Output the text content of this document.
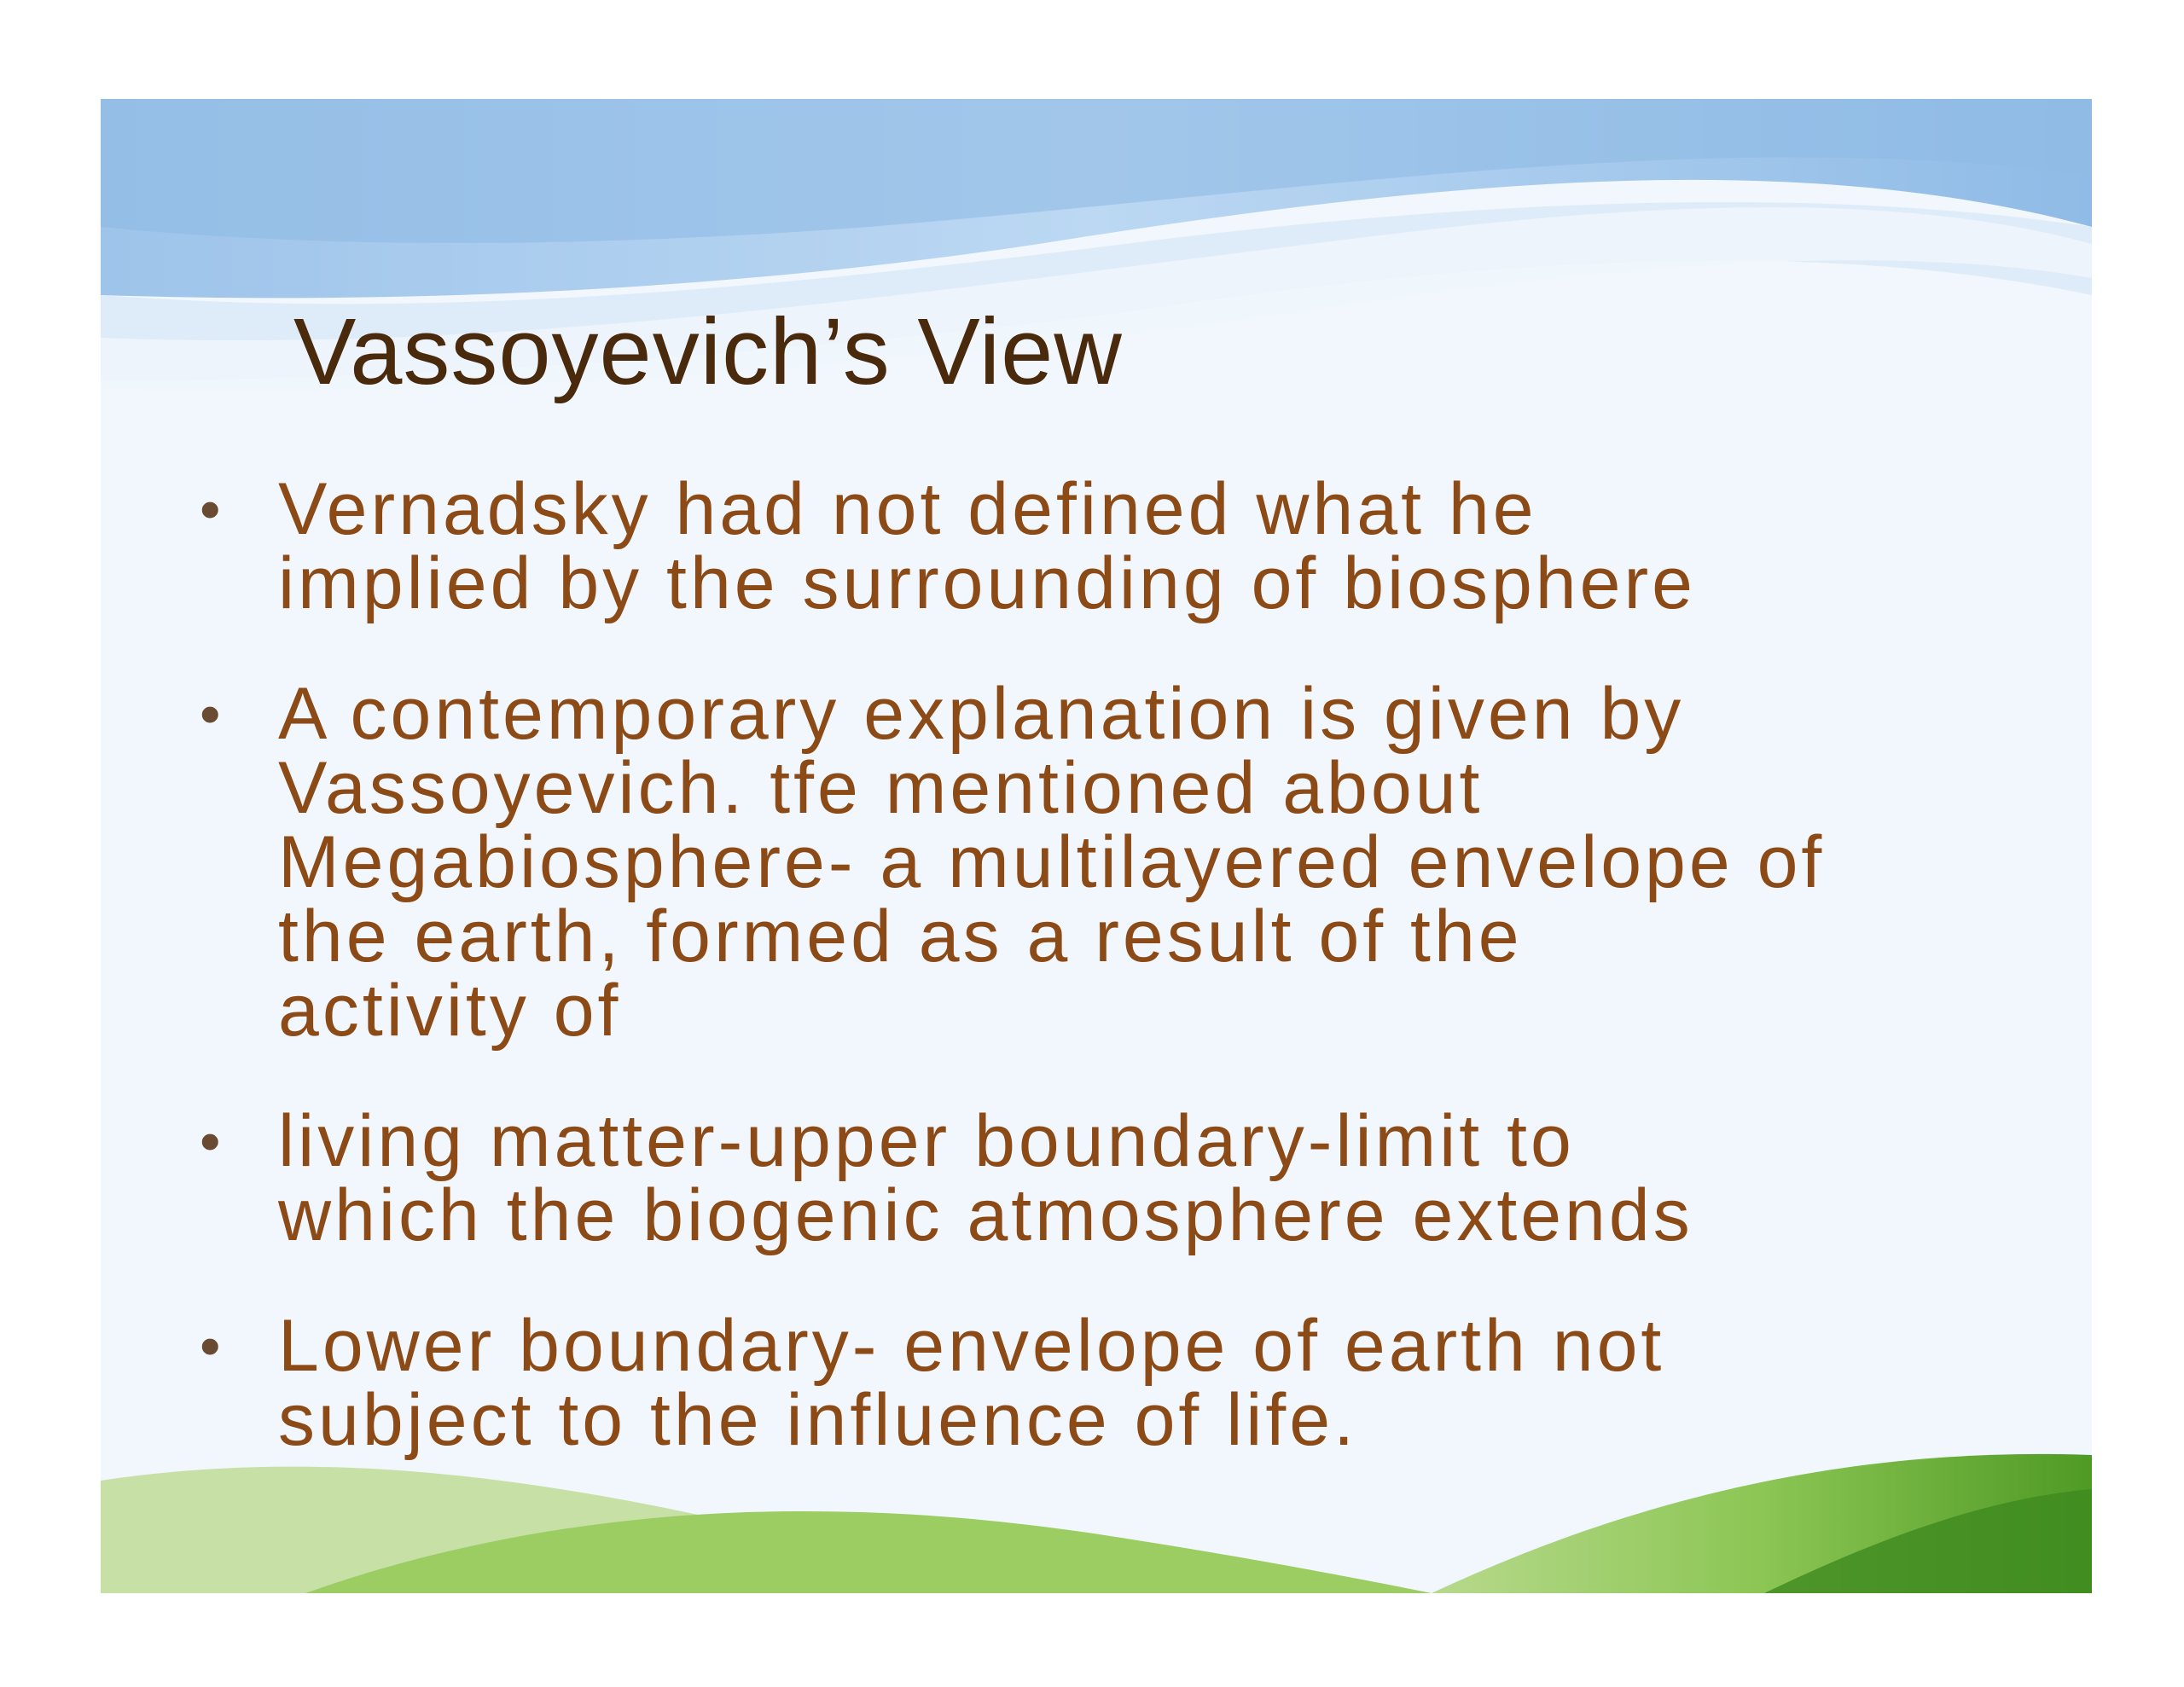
Vassoyevich’s View
• Vernadsky had not defined what he
implied by the surrounding of biosphere
• A contemporary explanation is given by
Vassoyevich. tfe mentioned about
Megabiosphere- a multilayered envelope of
the earth, formed as a result of the
activity of
• living matter-upper boundary-limit to
which the biogenic atmosphere extends
• Lower boundary- envelope of earth not
subject to the influence of life.
